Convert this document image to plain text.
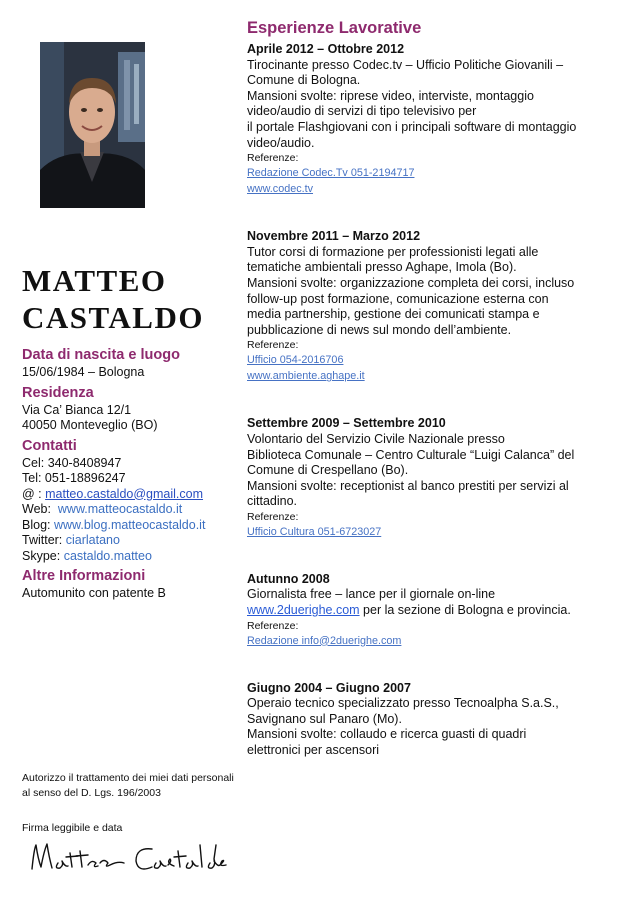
MATTEO
CASTALDO
Data di nascita e luogo
15/06/1984 – Bologna
Residenza
Via Ca’ Bianca 12/1
40050 Monteveglio (BO)
Contatti
Cel: 340-8408947
Tel: 051-18896247
@ : matteo.castaldo@gmail.com
Web:  www.matteocastaldo.it
Blog: www.blog.matteocastaldo.it
Twitter: ciarlatano
Skype: castaldo.matteo
Altre Informazioni
Automunito con patente B
Autorizzo il trattamento dei miei dati personali
al senso del D. Lgs. 196/2003
Firma leggibile e data
Esperienze Lavorative
Aprile 2012 – Ottobre 2012
Tirocinante presso Codec.tv – Ufficio Politiche Giovanili –
Comune di Bologna.
Mansioni svolte: riprese video, interviste, montaggio
video/audio di servizi di tipo televisivo per
il portale Flashgiovani con i principali software di montaggio
video/audio.
Referenze:
Redazione Codec.Tv 051-2194717
www.codec.tv
Novembre 2011 – Marzo 2012
Tutor corsi di formazione per professionisti legati alle
tematiche ambientali presso Aghape, Imola (Bo).
Mansioni svolte: organizzazione completa dei corsi, incluso
follow-up post formazione, comunicazione esterna con
media partnership, gestione dei comunicati stampa e
pubblicazione di news sul mondo dell’ambiente.
Referenze:
Ufficio 054-2016706
www.ambiente.aghape.it
Settembre 2009 – Settembre 2010
Volontario del Servizio Civile Nazionale presso
Biblioteca Comunale – Centro Culturale “Luigi Calanca” del
Comune di Crespellano (Bo).
Mansioni svolte: receptionist al banco prestiti per servizi al
cittadino.
Referenze:
Ufficio Cultura 051-6723027
Autunno 2008
Giornalista free – lance per il giornale on-line
www.2duerighe.com per la sezione di Bologna e provincia.
Referenze:
Redazione info@2duerighe.com
Giugno 2004 – Giugno 2007
Operaio tecnico specializzato presso Tecnoalpha S.a.S.,
Savignano sul Panaro (Mo).
Mansioni svolte: collaudo e ricerca guasti di quadri
elettronici per ascensori
